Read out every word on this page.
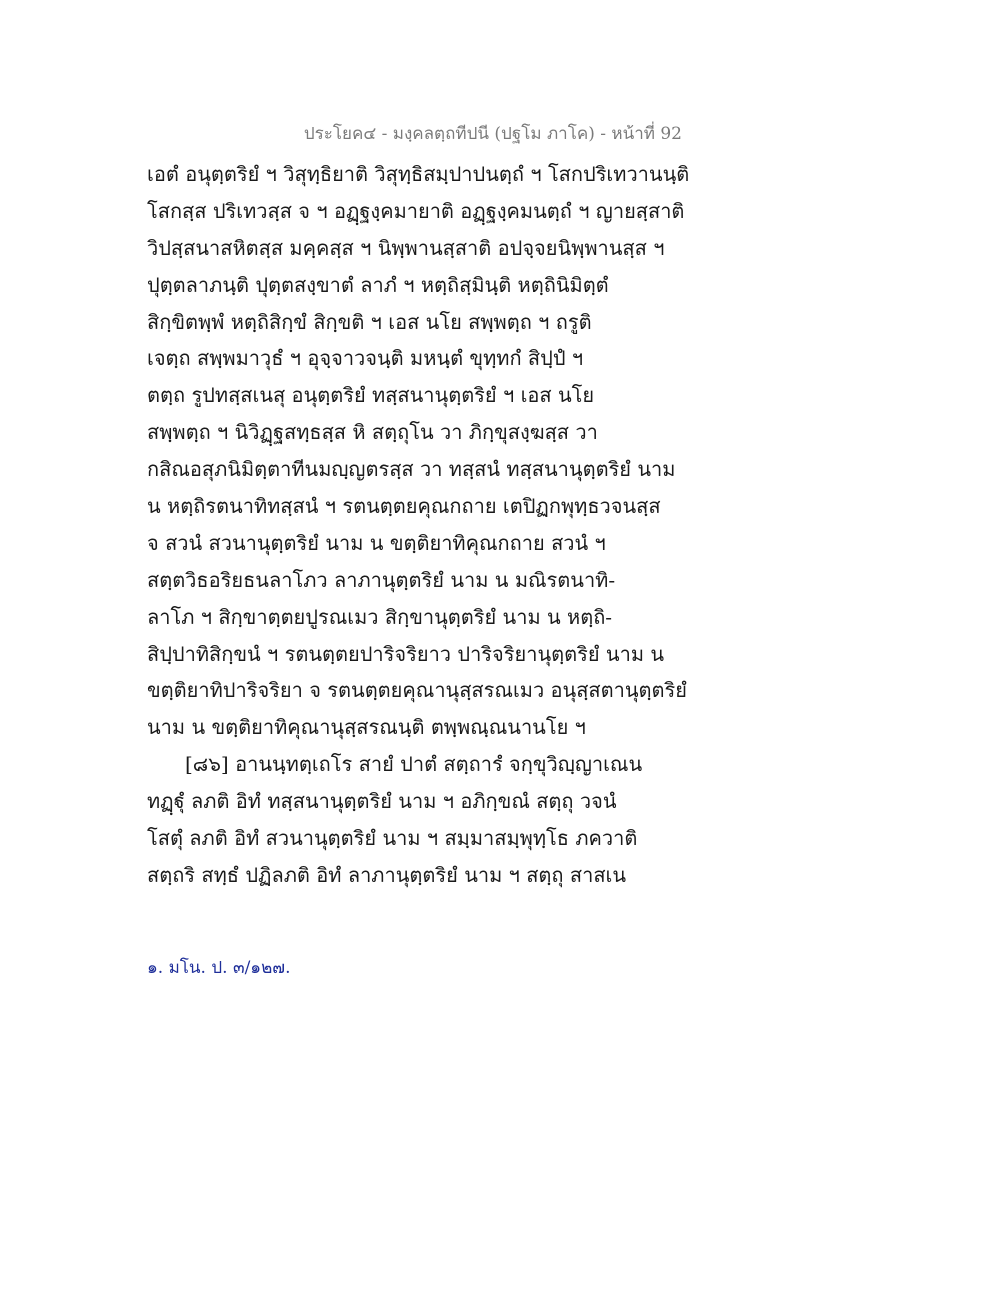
ประโยค๔ - มงฺคลตฺถทีปนี (ปฐโม ภาโค) - หน้าที่ 92
เอตํ อนุตฺตริยํ ฯ วิสุทฺธิยาติ วิสุทฺธิสมฺปาปนตฺถํ ฯ โสกปริเทวานนฺติ
โสกสฺส ปริเทวสฺส จ ฯ อฏฺฐงฺคมายาติ อฏฺฐงฺคมนตฺถํ ฯ ญายสฺสาติ
วิปสฺสนาสหิตสฺส มคฺคสฺส ฯ นิพฺพานสฺสาติ อปจฺจยนิพฺพานสฺส ฯ
ปุตฺตลาภนฺติ ปุตฺตสงฺขาตํ ลาภํ ฯ หตฺถิสฺมินฺติ หตฺถินิมิตฺตํ
สิกฺขิตพฺพํ หตฺถิสิกฺขํ สิกฺขติ ฯ เอส นโย สพฺพตฺถ ฯ ถรูติ
เจตฺถ สพฺพมาวุธํ ฯ อุจฺจาวจนฺติ มหนฺตํ ขุทฺทกํ สิปฺปํ ฯ
ตตฺถ รูปทสฺสเนสุ อนุตฺตริยํ ทสฺสนานุตฺตริยํ ฯ เอส นโย
สพฺพตฺถ ฯ นิวิฏฺฐสทฺธสฺส หิ สตฺถุโน วา ภิกฺขุสงฺฆสฺส วา
กสิณอสุภนิมิตฺตาทีนมญฺญตรสฺส วา ทสฺสนํ ทสฺสนานุตฺตริยํ นาม
น หตฺถิรตนาทิทสฺสนํ ฯ รตนตฺตยคุณกถาย เตปิฏกพุทฺธวจนสฺส
จ สวนํ สวนานุตฺตริยํ นาม น ขตฺติยาทิคุณกถาย สวนํ ฯ
สตฺตวิธอริยธนลาโภว ลาภานุตฺตริยํ นาม น มณิรตนาทิ-
ลาโภ ฯ สิกฺขาตฺตยปูรณเมว สิกฺขานุตฺตริยํ นาม น หตฺถิ-
สิปฺปาทิสิกฺขนํ ฯ รตนตฺตยปาริจริยาว ปาริจริยานุตฺตริยํ นาม น
ขตฺติยาทิปาริจริยา จ รตนตฺตยคุณานุสฺสรณเมว อนุสฺสตานุตฺตริยํ
นาม น ขตฺติยาทิคุณานุสฺสรณนฺติ ตพฺพณฺณนานโย ฯ
[๘๖] อานนฺทตฺเถโร สายํ ปาตํ สตฺถารํ จกฺขุวิญฺญาเณน
ทฏฺฐุํ ลภติ อิทํ ทสฺสนานุตฺตริยํ นาม ฯ อภิกฺขณํ สตฺถุ วจนํ
โสตุํ ลภติ อิทํ สวนานุตฺตริยํ นาม ฯ สมฺมาสมฺพุทฺโธ ภควาติ
สตฺถริ สทฺธํ ปฏิลภติ อิทํ ลาภานุตฺตริยํ นาม ฯ สตฺถุ สาสเน
๑. มโน. ป. ๓/๑๒๗.
